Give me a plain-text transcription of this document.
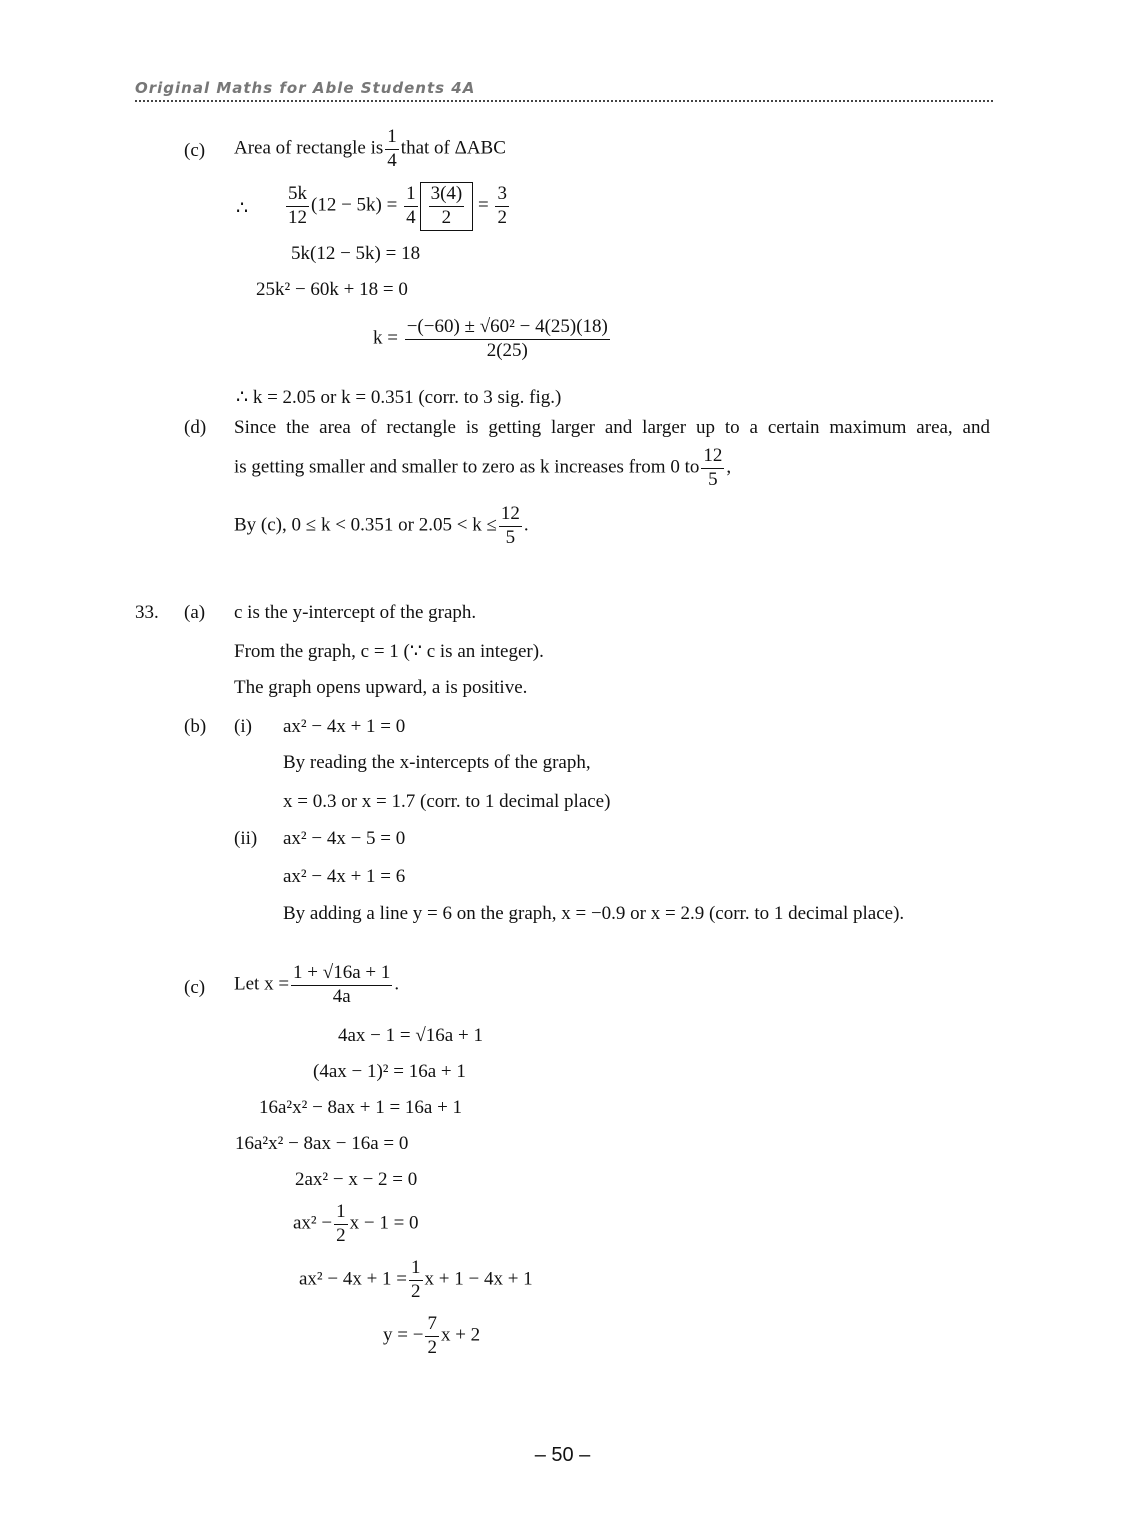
Original Maths for Able Students 4A
(c) Area of rectangle is $\frac{1}{4}$ that of ΔABC
∴ $\frac{5k}{12} (12 - 5k) = \frac{1}{4} \frac{3(4)}{2} = \frac{3}{2}$
5k(12 − 5k) = 18
25k² − 60k + 18 = 0
$k = \frac{\text{−(−60) ± √60² − 4(25)(18)}}{2(25)}$
∴ k = 2.05 or k = 0.351 (corr. to 3 sig. fig.)
(d) Since the area of rectangle is getting larger and larger up to a certain maximum area, and
is getting smaller and smaller to zero as k increases from 0 to $\frac{12}{5}$ ,
By (c), 0 ≤ k < 0.351 or $2.05 < k \le \frac{12}{5}$ .
33. (a) c is the y-intercept of the graph.
From the graph, c = 1 (∵ c is an integer).
The graph opens upward, a is positive.
(b) (i) ax² − 4x + 1 = 0
By reading the x-intercepts of the graph,
x = 0.3 or x = 1.7 (corr. to 1 decimal place)
(ii) ax² − 4x − 5 = 0
ax² − 4x + 1 = 6
By adding a line y = 6 on the graph, x = −0.9 or x = 2.9 (corr. to 1 decimal place).
(c) Let $x = \frac{1 + √16a + 1}{4a}$ .
4ax − 1 = √16a + 1
(4ax − 1)² = 16a + 1
16a²x² − 8ax + 1 = 16a + 1
16a²x² − 8ax − 16a = 0
2ax² − x − 2 = 0
$ax^2 - \frac{1}{2}$ x − 1 = 0
$ax^2 - 4x + 1 = \frac{1}{2}$ x + 1 − 4x + 1
y = − $\frac{7}{2}$ x + 2
– 50 –
